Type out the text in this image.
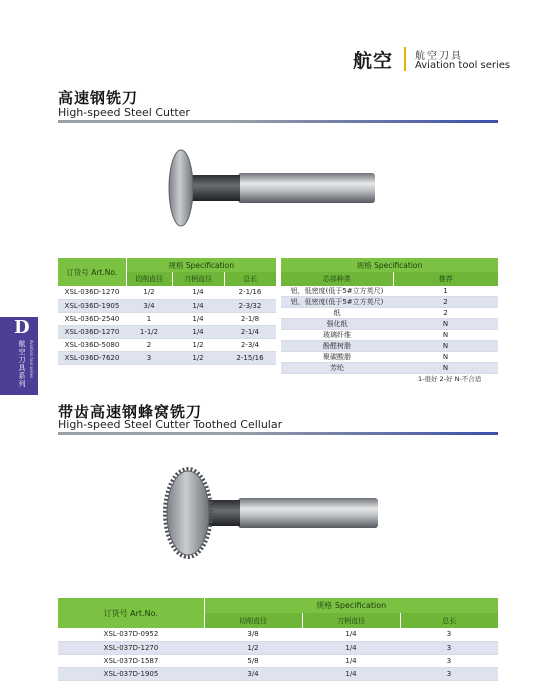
航空 航空刀具
Aviation tool series
D
航空刀具系列
Aviation tool series
高速钢铣刀
High-speed Steel Cutter
订货号 Art.No.	规格 Specification		
	切削直径	刀柄直径	总长
XSL-036D-1270	1/2	1/4	2-1/16
XSL-036D-1905	3/4	1/4	2-3/32
XSL-036D-2540	1	1/4	2-1/8
XSL-036D-1270	1-1/2	1/4	2-1/4
XSL-036D-5080	2	1/2	2-3/4
XSL-036D-7620	3	1/2	2-15/16
规格 Specification	
芯部种类	推荐
铝，低密度(低于5#立方英尺)	1
铝，低密度(低于5#立方英尺)	2
纸	2
强化纸	N
玻璃纤维	N
酚醛树脂	N
聚碳酸脂	N
芳纶	N
1-很好 2-好 N-不合适
带齿高速钢蜂窝铣刀
High-speed Steel Cutter Toothed Cellular
订货号 Art.No.	规格 Specification		
	切削直径	刀柄直径	总长
XSL-037D-0952	3/8	1/4	3
XSL-037D-1270	1/2	1/4	3
XSL-037D-1587	5/8	1/4	3
XSL-037D-1905	3/4	1/4	3
